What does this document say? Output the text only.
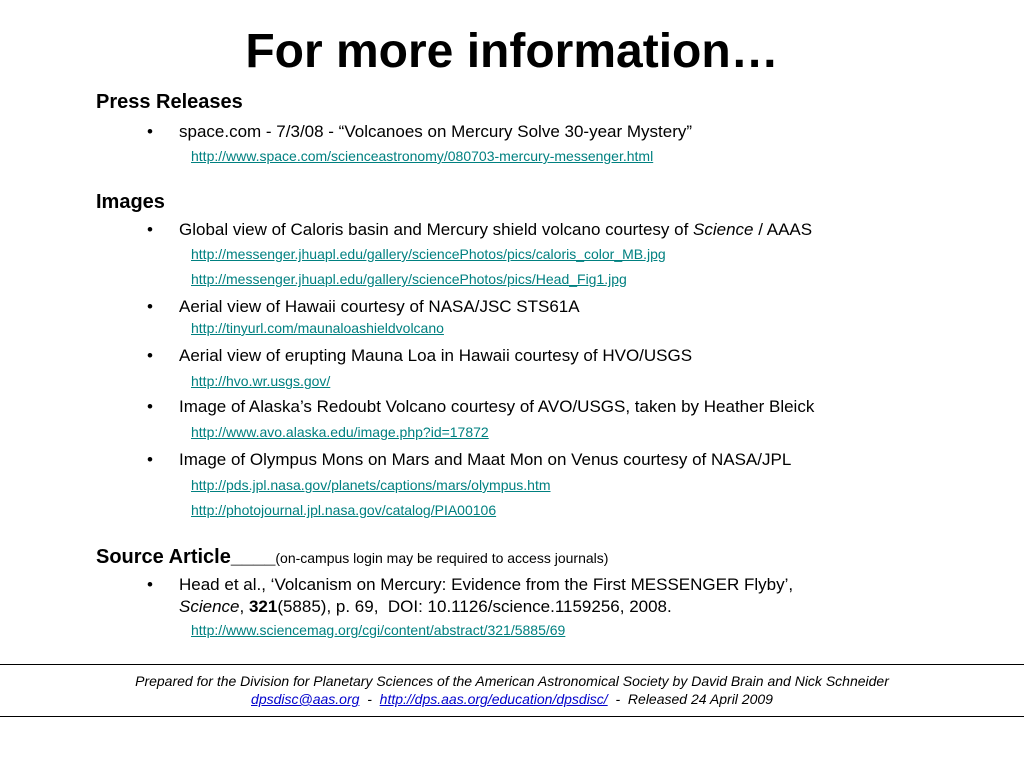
For more information…
Press Releases
• space.com - 7/3/08 - “Volcanoes on Mercury Solve 30-year Mystery”
http://www.space.com/scienceastronomy/080703-mercury-messenger.html
Images
• Global view of Caloris basin and Mercury shield volcano courtesy of Science / AAAS
http://messenger.jhuapl.edu/gallery/sciencePhotos/pics/caloris_color_MB.jpg
http://messenger.jhuapl.edu/gallery/sciencePhotos/pics/Head_Fig1.jpg
• Aerial view of Hawaii courtesy of NASA/JSC STS61A
http://tinyurl.com/maunaloashieldvolcano
• Aerial view of erupting Mauna Loa in Hawaii courtesy of HVO/USGS
http://hvo.wr.usgs.gov/
• Image of Alaska’s Redoubt Volcano courtesy of AVO/USGS, taken by Heather Bleick
http://www.avo.alaska.edu/image.php?id=17872
• Image of Olympus Mons on Mars and Maat Mon on Venus courtesy of NASA/JPL
http://pds.jpl.nasa.gov/planets/captions/mars/olympus.htm
http://photojournal.jpl.nasa.gov/catalog/PIA00106
Source Article____(on-campus login may be required to access journals)
• Head et al., ‘Volcanism on Mercury: Evidence from the First MESSENGER Flyby’,
Science, 321(5885), p. 69,  DOI: 10.1126/science.1159256, 2008.
http://www.sciencemag.org/cgi/content/abstract/321/5885/69
Prepared for the Division for Planetary Sciences of the American Astronomical Society by David Brain and Nick Schneider
dpsdisc@aas.org  -  http://dps.aas.org/education/dpsdisc/  -  Released 24 April 2009
